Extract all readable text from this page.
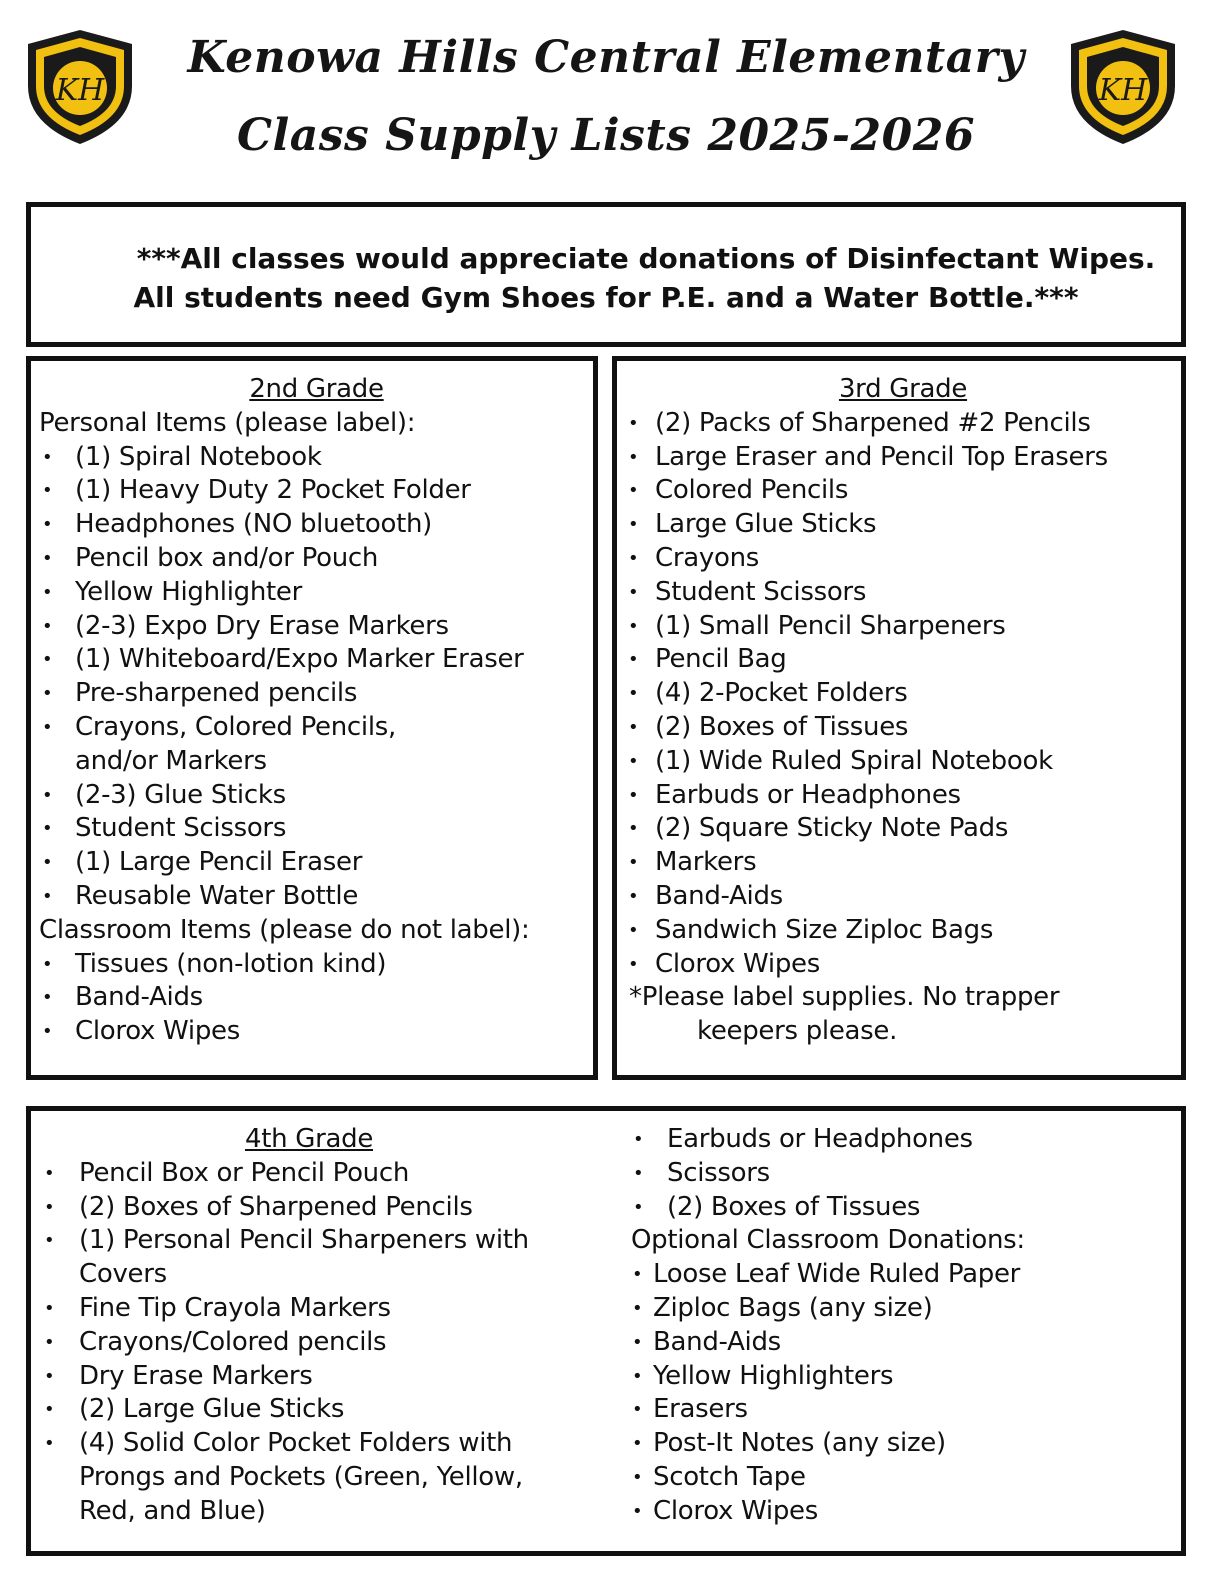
KH	KH
Kenowa Hills Central Elementary
Class Supply Lists 2025-2026

***All classes would appreciate donations of Disinfectant Wipes.

All students need Gym Shoes for P.E. and a Water Bottle.***

2nd Grade
Personal Items (please label):
• (1) Spiral Notebook
• (1) Heavy Duty 2 Pocket Folder
• Headphones (NO bluetooth)
• Pencil box and/or Pouch
• Yellow Highlighter
• (2-3) Expo Dry Erase Markers
• (1) Whiteboard/Expo Marker Eraser
• Pre-sharpened pencils
• Crayons, Colored Pencils, and/or Markers
• (2-3) Glue Sticks
• Student Scissors
• (1) Large Pencil Eraser
• Reusable Water Bottle
Classroom Items (please do not label):
• Tissues (non-lotion kind)
• Band-Aids
• Clorox Wipes
3rd Grade
• (2) Packs of Sharpened #2 Pencils
• Large Eraser and Pencil Top Erasers
• Colored Pencils
• Large Glue Sticks
• Crayons
• Student Scissors
• (1) Small Pencil Sharpeners
• Pencil Bag
• (4) 2-Pocket Folders
• (2) Boxes of Tissues
• (1) Wide Ruled Spiral Notebook
• Earbuds or Headphones
• (2) Square Sticky Note Pads
• Markers
• Band-Aids
• Sandwich Size Ziploc Bags
• Clorox Wipes
*Please label supplies. No trapper
keepers please.
4th Grade
• Pencil Box or Pencil Pouch
• (2) Boxes of Sharpened Pencils
• (1) Personal Pencil Sharpeners with Covers
• Fine Tip Crayola Markers
• Crayons/Colored pencils
• Dry Erase Markers
• (2) Large Glue Sticks
• (4) Solid Color Pocket Folders with Prongs and Pockets (Green, Yellow, Red, and Blue)
• Earbuds or Headphones
• Scissors
• (2) Boxes of Tissues
Optional Classroom Donations:
• Loose Leaf Wide Ruled Paper
• Ziploc Bags (any size)
• Band-Aids
• Yellow Highlighters
• Erasers
• Post-It Notes (any size)
• Scotch Tape
• Clorox Wipes
